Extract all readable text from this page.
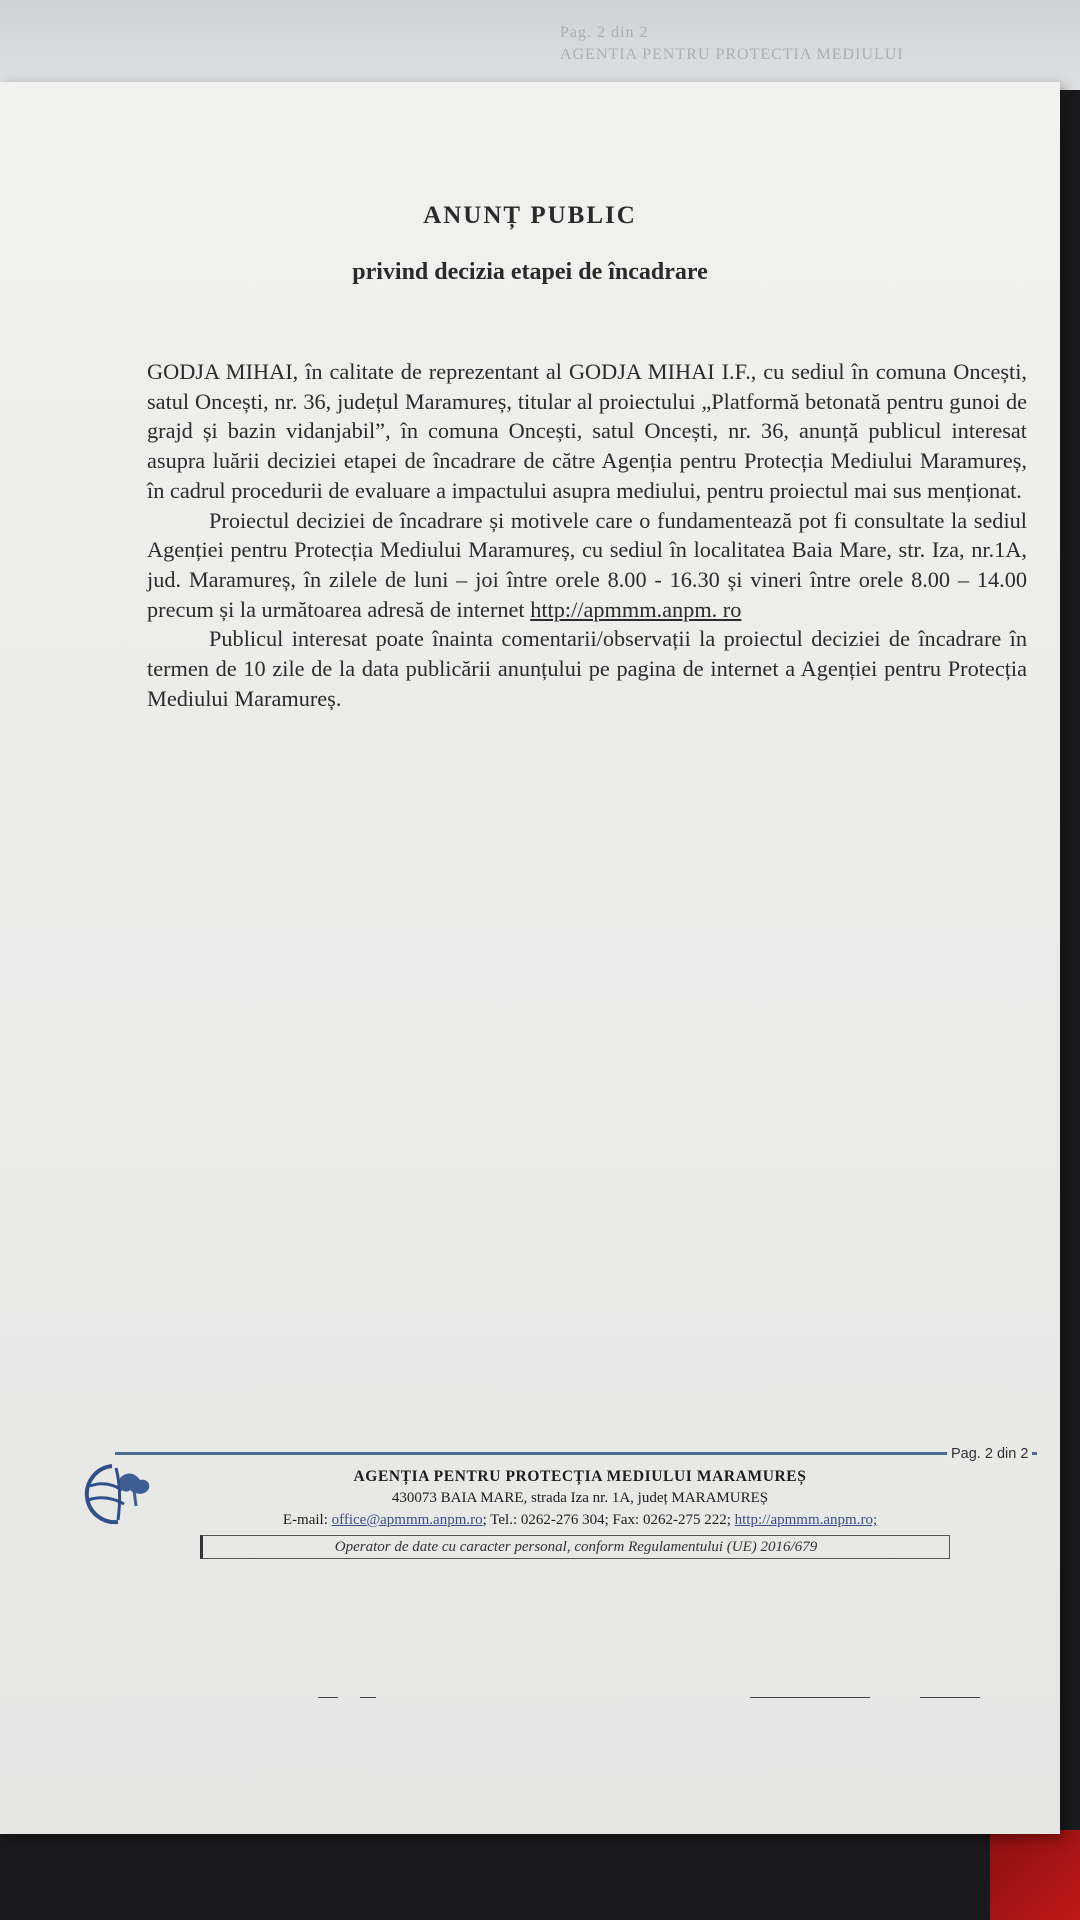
Pag. 2 din 2
AGENTIA PENTRU PROTECTIA MEDIULUI
ANUNȚ PUBLIC
privind decizia etapei de încadrare

GODJA MIHAI, în calitate de reprezentant al GODJA MIHAI I.F., cu sediul în comuna Oncești, satul Oncești, nr. 36, județul Maramureș, titular al proiectului „Platformă betonată pentru gunoi de grajd și bazin vidanjabil”, în comuna Oncești, satul Oncești, nr. 36, anunță publicul interesat asupra luării deciziei etapei de încadrare de către Agenția pentru Protecția Mediului Maramureș, în cadrul procedurii de evaluare a impactului asupra mediului, pentru proiectul mai sus menționat.

Proiectul deciziei de încadrare și motivele care o fundamentează pot fi consultate la sediul Agenției pentru Protecția Mediului Maramureș, cu sediul în localitatea Baia Mare, str. Iza, nr.1A, jud. Maramureș, în zilele de luni – joi între orele 8.00 - 16.30 și vineri între orele 8.00 – 14.00 precum și la următoarea adresă de internet http://apmmm.anpm. ro

Publicul interesat poate înainta comentarii/observații la proiectul deciziei de încadrare în termen de 10 zile de la data publicării anunțului pe pagina de internet a Agenției pentru Protecția Mediului Maramureș.

Pag. 2 din 2
AGENȚIA PENTRU PROTECȚIA MEDIULUI MARAMUREȘ
430073 BAIA MARE, strada Iza nr. 1A, județ MARAMUREȘ
E-mail: office@apmmm.anpm.ro; Tel.: 0262-276 304; Fax: 0262-275 222; http://apmmm.anpm.ro;
Operator de date cu caracter personal, conform Regulamentului (UE) 2016/679
